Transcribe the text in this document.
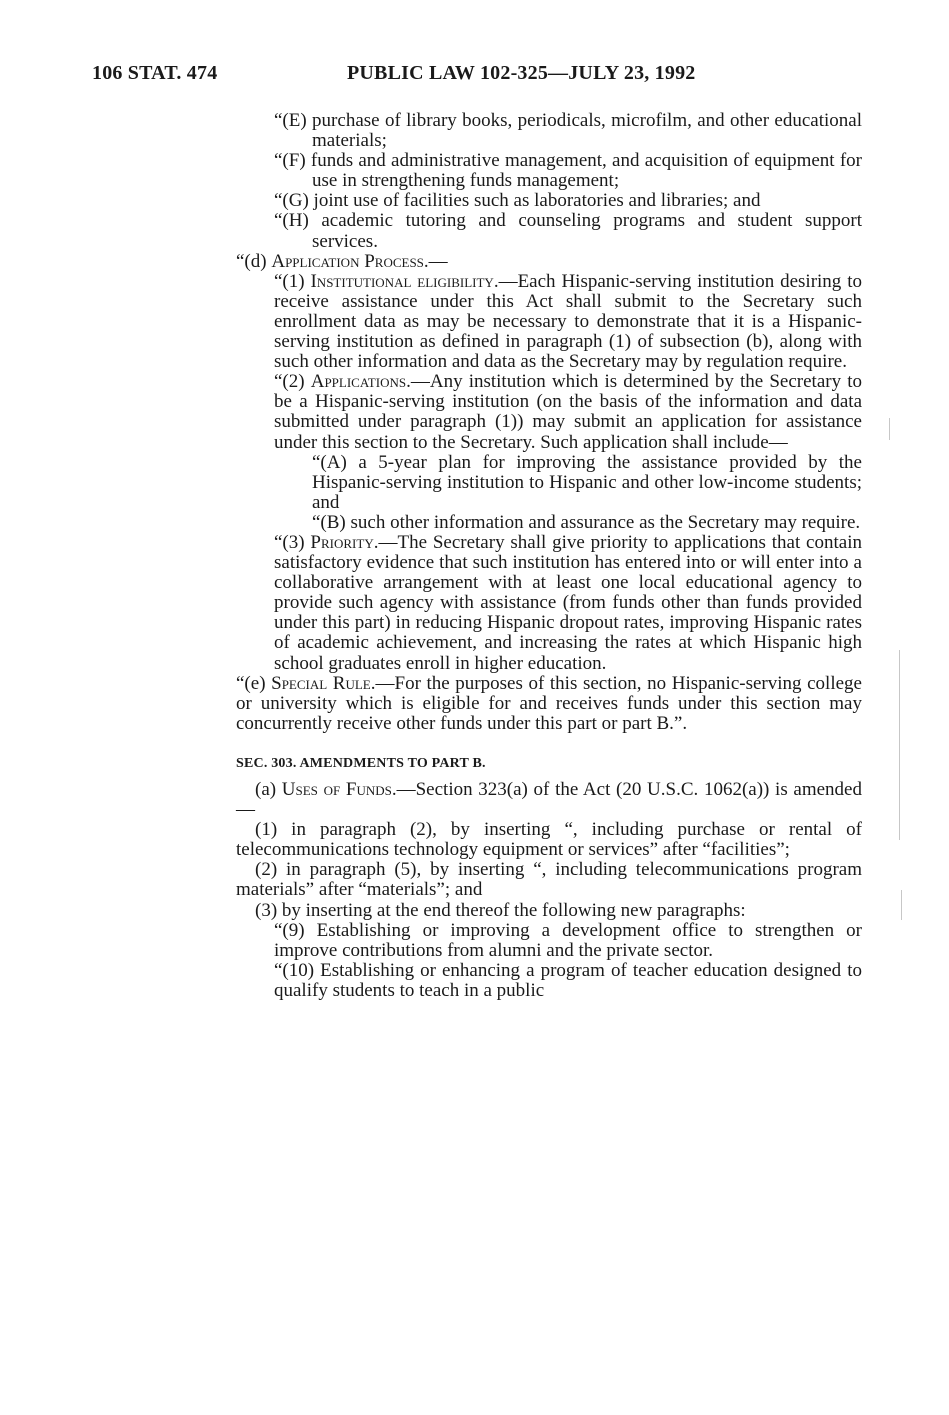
106 STAT. 474	PUBLIC LAW 102-325—JULY 23, 1992

“(E) purchase of library books, periodicals, microfilm, and other educational materials;

“(F) funds and administrative management, and acquisition of equipment for use in strengthening funds management;

“(G) joint use of facilities such as laboratories and libraries; and

“(H) academic tutoring and counseling programs and student support services.

“(d) Application Process.—

“(1) Institutional eligibility.—Each Hispanic-serving institution desiring to receive assistance under this Act shall submit to the Secretary such enrollment data as may be necessary to demonstrate that it is a Hispanic-serving institution as defined in paragraph (1) of subsection (b), along with such other information and data as the Secretary may by regulation require.

“(2) Applications.—Any institution which is determined by the Secretary to be a Hispanic-serving institution (on the basis of the information and data submitted under paragraph (1)) may submit an application for assistance under this section to the Secretary. Such application shall include—

“(A) a 5-year plan for improving the assistance provided by the Hispanic-serving institution to Hispanic and other low-income students; and

“(B) such other information and assurance as the Secretary may require.

“(3) Priority.—The Secretary shall give priority to applications that contain satisfactory evidence that such institution has entered into or will enter into a collaborative arrangement with at least one local educational agency to provide such agency with assistance (from funds other than funds provided under this part) in reducing Hispanic dropout rates, improving Hispanic rates of academic achievement, and increasing the rates at which Hispanic high school graduates enroll in higher education.

“(e) Special Rule.—For the purposes of this section, no Hispanic-serving college or university which is eligible for and receives funds under this section may concurrently receive other funds under this part or part B.”.

SEC. 303. AMENDMENTS TO PART B.

(a) Uses of Funds.—Section 323(a) of the Act (20 U.S.C. 1062(a)) is amended—

(1) in paragraph (2), by inserting “, including purchase or rental of telecommunications technology equipment or services” after “facilities”;

(2) in paragraph (5), by inserting “, including telecommunications program materials” after “materials”; and

(3) by inserting at the end thereof the following new paragraphs:

“(9) Establishing or improving a development office to strengthen or improve contributions from alumni and the private sector.

“(10) Establishing or enhancing a program of teacher education designed to qualify students to teach in a public
